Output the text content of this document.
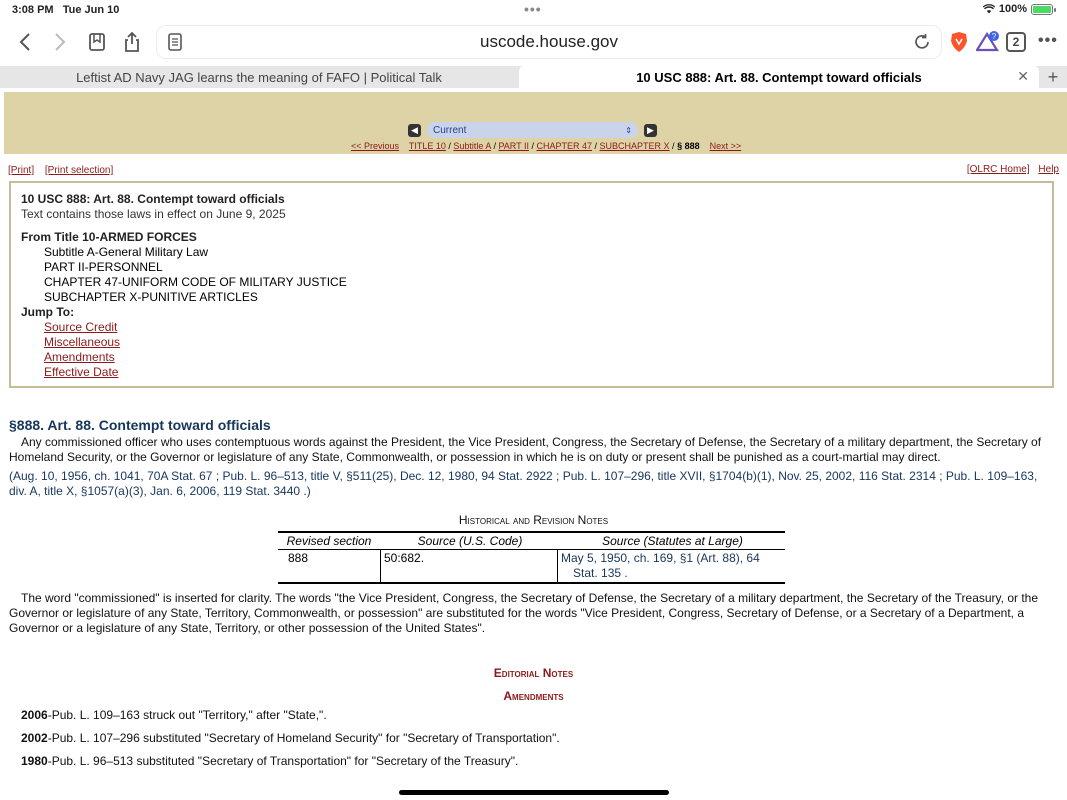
3:08 PM Tue Jun 10	•••	100%
uscode.house.gov	?	2	•••
Leftist AD Navy JAG learns the meaning of FAFO | Political Talk	10 USC 888: Art. 88. Contempt toward officials	✕ +
◀	Current	⇕	▶
<< Previous TITLE 10 / Subtitle A / PART II / CHAPTER 47 / SUBCHAPTER X / § 888 Next >>
[Print] [Print selection]	[OLRC Home] Help
10 USC 888: Art. 88. Contempt toward officials
Text contains those laws in effect on June 9, 2025
From Title 10-ARMED FORCES
Subtitle A-General Military Law
PART II-PERSONNEL
CHAPTER 47-UNIFORM CODE OF MILITARY JUSTICE
SUBCHAPTER X-PUNITIVE ARTICLES
Jump To:
Source Credit
Miscellaneous
Amendments
Effective Date
§888. Art. 88. Contempt toward officials
Any commissioned officer who uses contemptuous words against the President, the Vice President, Congress, the Secretary of Defense, the Secretary of a military department, the Secretary of Homeland Security, or the Governor or legislature of any State, Commonwealth, or possession in which he is on duty or present shall be punished as a court-martial may direct.
(Aug. 10, 1956, ch. 1041, 70A Stat. 67 ; Pub. L. 96–513, title V, §511(25), Dec. 12, 1980, 94 Stat. 2922 ; Pub. L. 107–296, title XVII, §1704(b)(1), Nov. 25, 2002, 116 Stat. 2314 ; Pub. L. 109–163, div. A, title X, §1057(a)(3), Jan. 6, 2006, 119 Stat. 3440 .)
Historical and Revision Notes
Revised section	Source (U.S. Code)	Source (Statutes at Large)
888	50:682.	May 5, 1950, ch. 169, §1 (Art. 88), 64
Stat. 135 .
The word "commissioned" is inserted for clarity. The words "the Vice President, Congress, the Secretary of Defense, the Secretary of a military department, the Secretary of the Treasury, or the Governor or legislature of any State, Territory, Commonwealth, or possession" are substituted for the words "Vice President, Congress, Secretary of Defense, or a Secretary of a Department, a Governor or a legislature of any State, Territory, or other possession of the United States".
Editorial Notes
Amendments
2006-Pub. L. 109–163 struck out "Territory," after "State,".
2002-Pub. L. 107–296 substituted "Secretary of Homeland Security" for "Secretary of Transportation".
1980-Pub. L. 96–513 substituted "Secretary of Transportation" for "Secretary of the Treasury".
